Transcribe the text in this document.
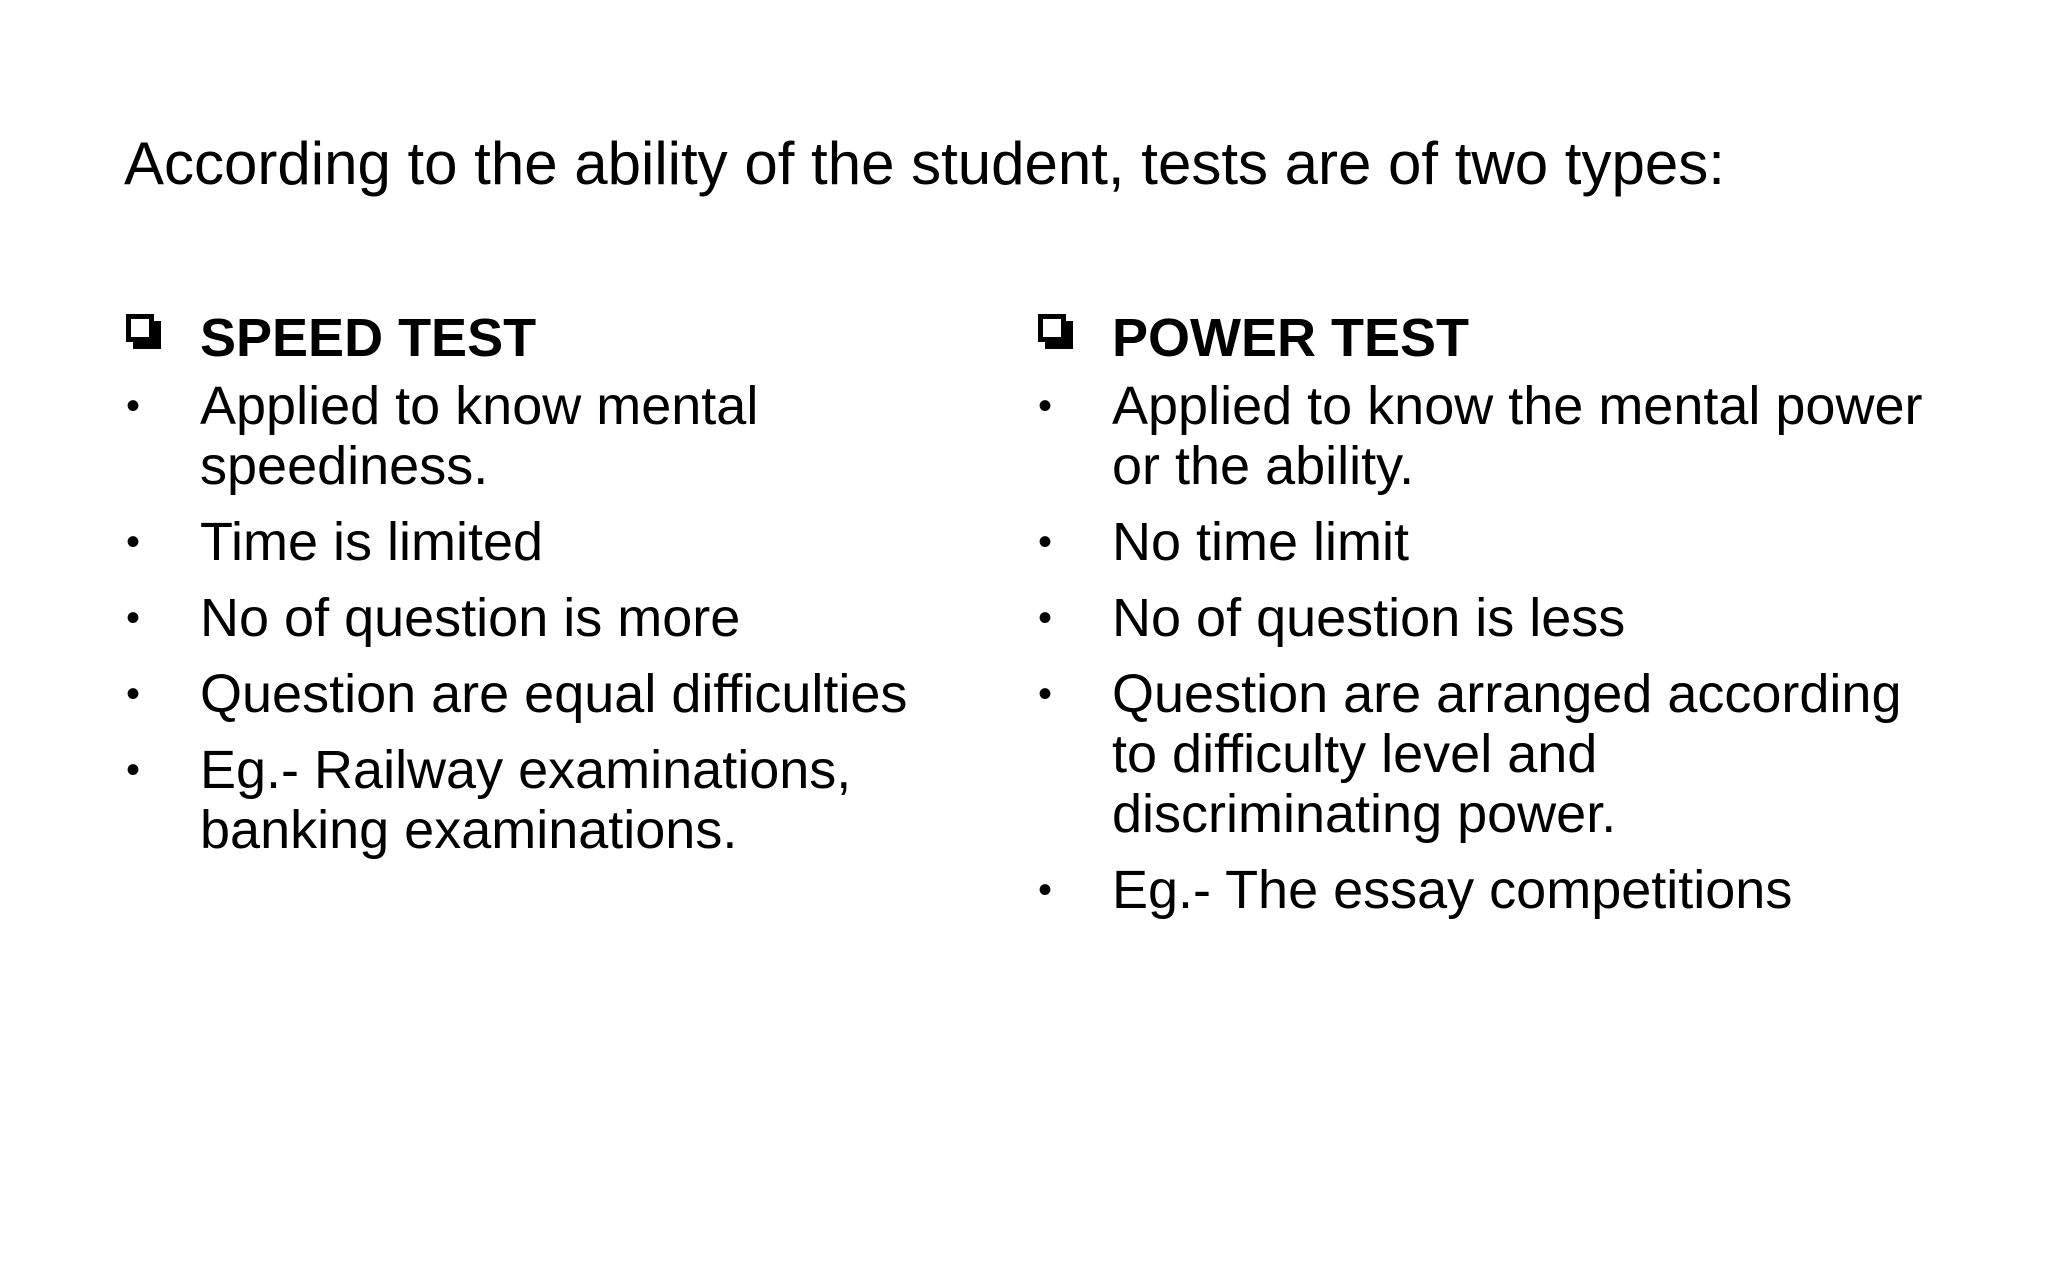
According to the ability of the student, tests are of two types:
SPEED TEST
• Applied to know mental speediness.
• Time is limited
• No of question is more
• Question are equal difficulties
• Eg.- Railway examinations, banking examinations.
POWER TEST
• Applied to know the mental power or the ability.
• No time limit
• No of question is less
• Question are arranged according to difficulty level and discriminating power.
• Eg.- The essay competitions
